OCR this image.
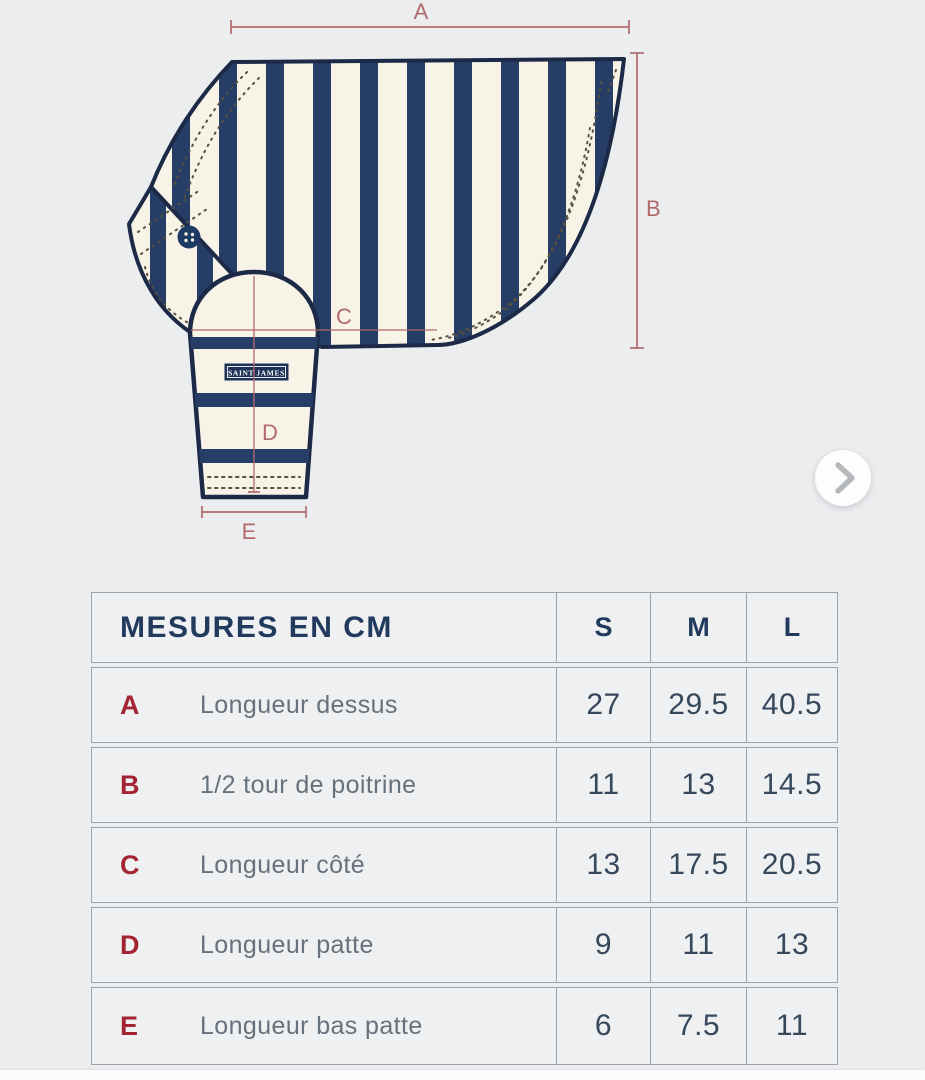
SAINT JAMES
A
B
C
D
E
MESURES EN CM	S	M	L
A	Longueur dessus	27 29.5 40.5
B	1/2 tour de poitrine	11 13 14.5
C	Longueur côté	13 17.5 20.5
D	Longueur patte	9 11 13
E	Longueur bas patte	6 7.5 11
